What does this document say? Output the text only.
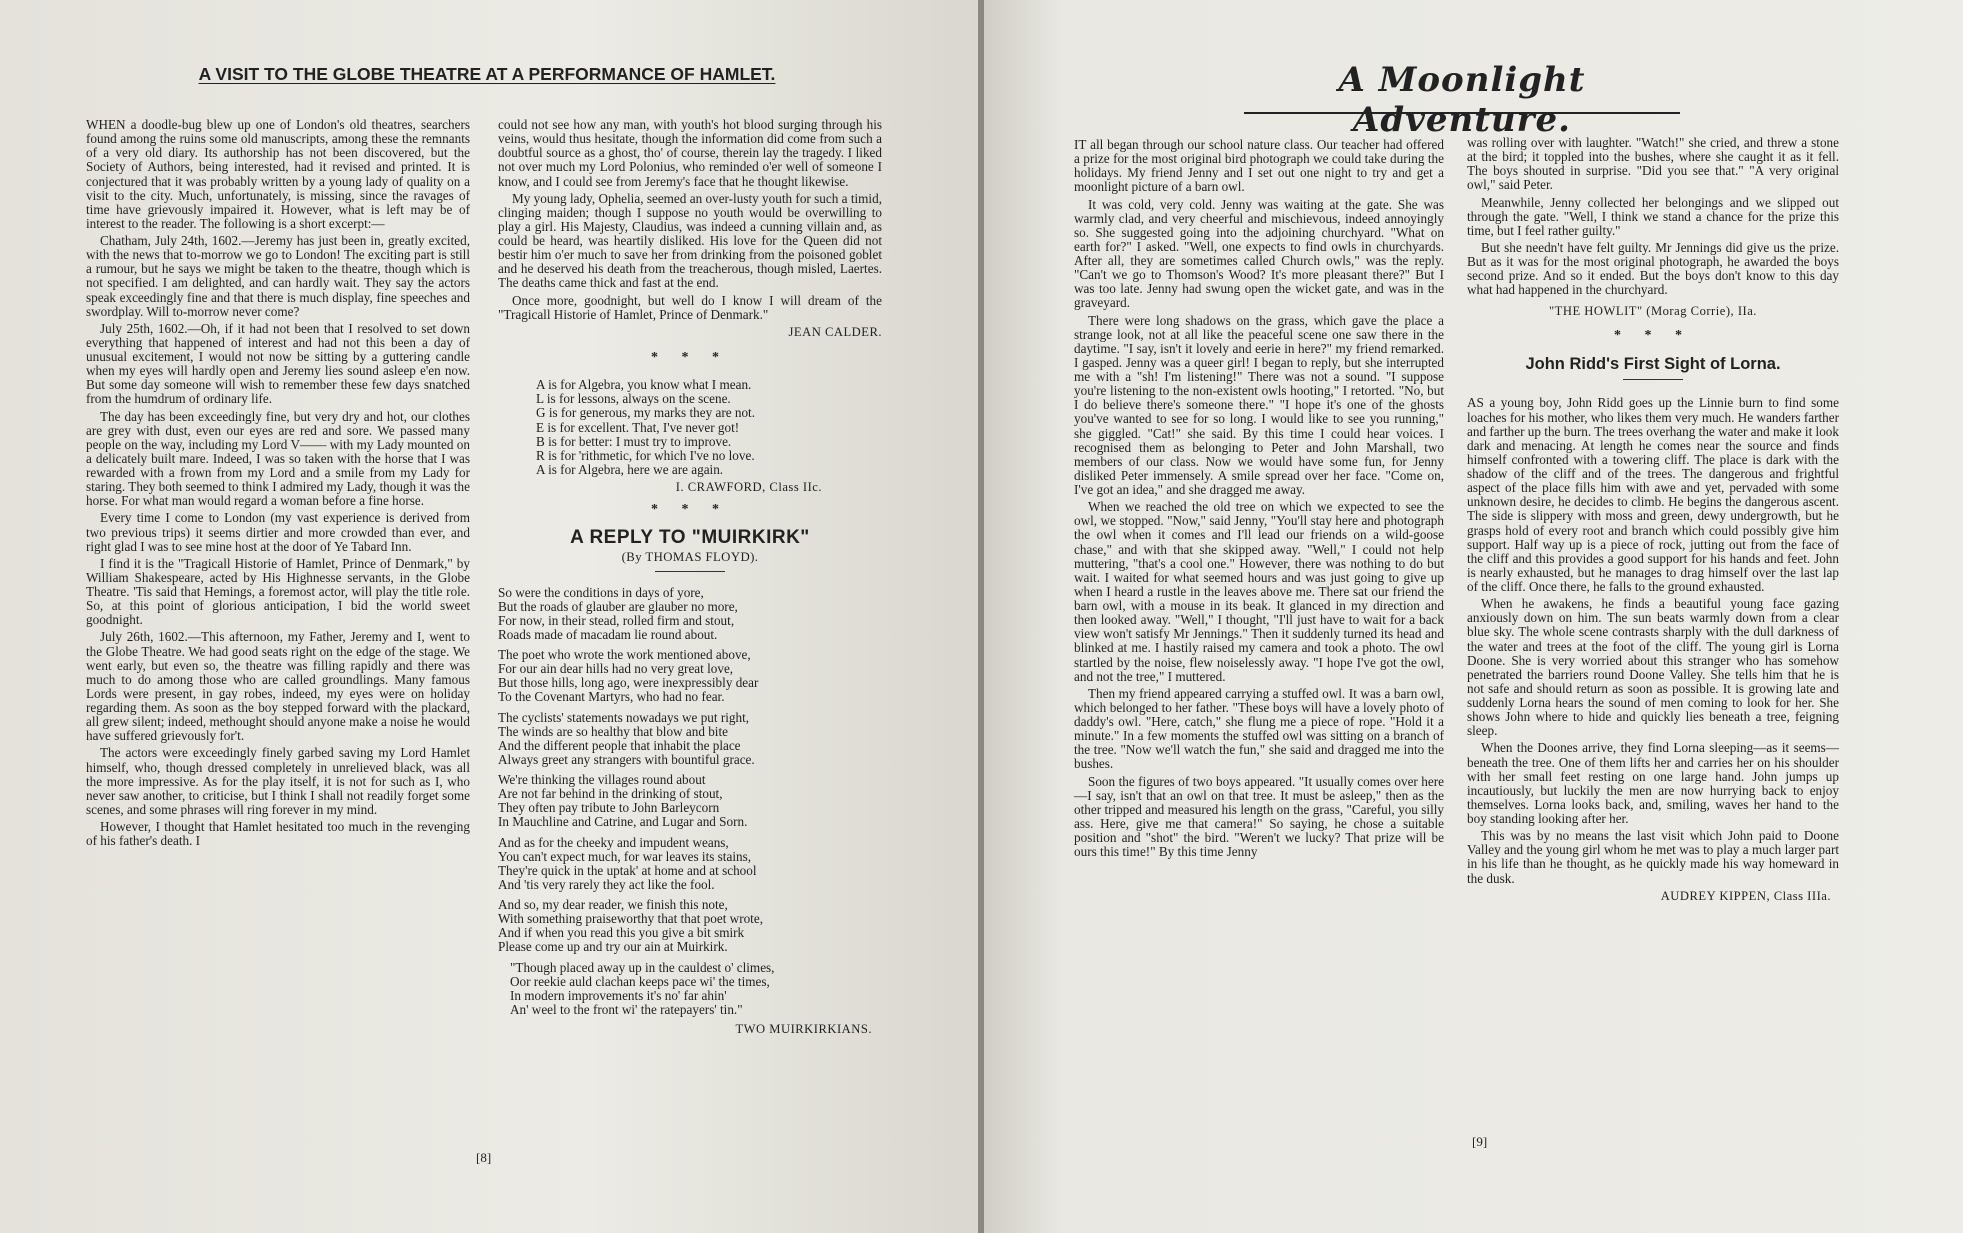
A VISIT TO THE GLOBE THEATRE AT A PERFORMANCE OF HAMLET.

WHEN a doodle-bug blew up one of London's old theatres, searchers found among the ruins some old manuscripts, among these the remnants of a very old diary. Its authorship has not been discovered, but the Society of Authors, being interested, had it revised and printed. It is conjectured that it was probably written by a young lady of quality on a visit to the city. Much, unfortunately, is missing, since the ravages of time have grievously impaired it. However, what is left may be of interest to the reader. The following is a short excerpt:—

Chatham, July 24th, 1602.—Jeremy has just been in, greatly excited, with the news that to-morrow we go to London! The exciting part is still a rumour, but he says we might be taken to the theatre, though which is not specified. I am delighted, and can hardly wait. They say the actors speak exceedingly fine and that there is much display, fine speeches and swordplay. Will to-morrow never come?

July 25th, 1602.—Oh, if it had not been that I resolved to set down everything that happened of interest and had not this been a day of unusual excitement, I would not now be sitting by a guttering candle when my eyes will hardly open and Jeremy lies sound asleep e'en now. But some day someone will wish to remember these few days snatched from the humdrum of ordinary life.

The day has been exceedingly fine, but very dry and hot, our clothes are grey with dust, even our eyes are red and sore. We passed many people on the way, including my Lord V—— with my Lady mounted on a delicately built mare. Indeed, I was so taken with the horse that I was rewarded with a frown from my Lord and a smile from my Lady for staring. They both seemed to think I admired my Lady, though it was the horse. For what man would regard a woman before a fine horse.

Every time I come to London (my vast experience is derived from two previous trips) it seems dirtier and more crowded than ever, and right glad I was to see mine host at the door of Ye Tabard Inn.

I find it is the "Tragicall Historie of Hamlet, Prince of Denmark," by William Shakespeare, acted by His Highnesse servants, in the Globe Theatre. 'Tis said that Hemings, a foremost actor, will play the title role. So, at this point of glorious anticipation, I bid the world sweet goodnight.

July 26th, 1602.—This afternoon, my Father, Jeremy and I, went to the Globe Theatre. We had good seats right on the edge of the stage. We went early, but even so, the theatre was filling rapidly and there was much to do among those who are called groundlings. Many famous Lords were present, in gay robes, indeed, my eyes were on holiday regarding them. As soon as the boy stepped forward with the plackard, all grew silent; indeed, methought should anyone make a noise he would have suffered grievously for't.

The actors were exceedingly finely garbed saving my Lord Hamlet himself, who, though dressed completely in unrelieved black, was all the more impressive. As for the play itself, it is not for such as I, who never saw another, to criticise, but I think I shall not readily forget some scenes, and some phrases will ring forever in my mind.

However, I thought that Hamlet hesitated too much in the revenging of his father's death. I

could not see how any man, with youth's hot blood surging through his veins, would thus hesitate, though the information did come from such a doubtful source as a ghost, tho' of course, therein lay the tragedy. I liked not over much my Lord Polonius, who reminded o'er well of someone I know, and I could see from Jeremy's face that he thought likewise.

My young lady, Ophelia, seemed an over-lusty youth for such a timid, clinging maiden; though I suppose no youth would be overwilling to play a girl. His Majesty, Claudius, was indeed a cunning villain and, as could be heard, was heartily disliked. His love for the Queen did not bestir him o'er much to save her from drinking from the poisoned goblet and he deserved his death from the treacherous, though misled, Laertes. The deaths came thick and fast at the end.

Once more, goodnight, but well do I know I will dream of the "Tragicall Historie of Hamlet, Prince of Denmark."

JEAN CALDER.
* * *

A is for Algebra, you know what I mean.

L is for lessons, always on the scene.

G is for generous, my marks they are not.

E is for excellent. That, I've never got!

B is for better: I must try to improve.

R is for 'rithmetic, for which I've no love.

A is for Algebra, here we are again.

I. CRAWFORD, Class IIc.
* * *
A REPLY TO "MUIRKIRK"
(By THOMAS FLOYD).

So were the conditions in days of yore,

But the roads of glauber are glauber no more,

For now, in their stead, rolled firm and stout,

Roads made of macadam lie round about.

The poet who wrote the work mentioned above,

For our ain dear hills had no very great love,

But those hills, long ago, were inexpressibly dear

To the Covenant Martyrs, who had no fear.

The cyclists' statements nowadays we put right,

The winds are so healthy that blow and bite

And the different people that inhabit the place

Always greet any strangers with bountiful grace.

We're thinking the villages round about

Are not far behind in the drinking of stout,

They often pay tribute to John Barleycorn

In Mauchline and Catrine, and Lugar and Sorn.

And as for the cheeky and impudent weans,

You can't expect much, for war leaves its stains,

They're quick in the uptak' at home and at school

And 'tis very rarely they act like the fool.

And so, my dear reader, we finish this note,

With something praiseworthy that that poet wrote,

And if when you read this you give a bit smirk

Please come up and try our ain at Muirkirk.

"Though placed away up in the cauldest o' climes,

Oor reekie auld clachan keeps pace wi' the times,

In modern improvements it's no' far ahin'

An' weel to the front wi' the ratepayers' tin."

TWO MUIRKIRKIANS.
[8]
A Moonlight Adventure.

IT all began through our school nature class. Our teacher had offered a prize for the most original bird photograph we could take during the holidays. My friend Jenny and I set out one night to try and get a moonlight picture of a barn owl.

It was cold, very cold. Jenny was waiting at the gate. She was warmly clad, and very cheerful and mischievous, indeed annoyingly so. She suggested going into the adjoining churchyard. "What on earth for?" I asked. "Well, one expects to find owls in churchyards. After all, they are sometimes called Church owls," was the reply. "Can't we go to Thomson's Wood? It's more pleasant there?" But I was too late. Jenny had swung open the wicket gate, and was in the graveyard.

There were long shadows on the grass, which gave the place a strange look, not at all like the peaceful scene one saw there in the daytime. "I say, isn't it lovely and eerie in here?" my friend remarked. I gasped. Jenny was a queer girl! I began to reply, but she interrupted me with a "sh! I'm listening!" There was not a sound. "I suppose you're listening to the non-existent owls hooting," I retorted. "No, but I do believe there's someone there." "I hope it's one of the ghosts you've wanted to see for so long. I would like to see you running," she giggled. "Cat!" she said. By this time I could hear voices. I recognised them as belonging to Peter and John Marshall, two members of our class. Now we would have some fun, for Jenny disliked Peter immensely. A smile spread over her face. "Come on, I've got an idea," and she dragged me away.

When we reached the old tree on which we expected to see the owl, we stopped. "Now," said Jenny, "You'll stay here and photograph the owl when it comes and I'll lead our friends on a wild-goose chase," and with that she skipped away. "Well," I could not help muttering, "that's a cool one." However, there was nothing to do but wait. I waited for what seemed hours and was just going to give up when I heard a rustle in the leaves above me. There sat our friend the barn owl, with a mouse in its beak. It glanced in my direction and then looked away. "Well," I thought, "I'll just have to wait for a back view won't satisfy Mr Jennings." Then it suddenly turned its head and blinked at me. I hastily raised my camera and took a photo. The owl startled by the noise, flew noiselessly away. "I hope I've got the owl, and not the tree," I muttered.

Then my friend appeared carrying a stuffed owl. It was a barn owl, which belonged to her father. "These boys will have a lovely photo of daddy's owl. "Here, catch," she flung me a piece of rope. "Hold it a minute." In a few moments the stuffed owl was sitting on a branch of the tree. "Now we'll watch the fun," she said and dragged me into the bushes.

Soon the figures of two boys appeared. "It usually comes over here—I say, isn't that an owl on that tree. It must be asleep," then as the other tripped and measured his length on the grass, "Careful, you silly ass. Here, give me that camera!" So saying, he chose a suitable position and "shot" the bird. "Weren't we lucky? That prize will be ours this time!" By this time Jenny

was rolling over with laughter. "Watch!" she cried, and threw a stone at the bird; it toppled into the bushes, where she caught it as it fell. The boys shouted in surprise. "Did you see that." "A very original owl," said Peter.

Meanwhile, Jenny collected her belongings and we slipped out through the gate. "Well, I think we stand a chance for the prize this time, but I feel rather guilty."

But she needn't have felt guilty. Mr Jennings did give us the prize. But as it was for the most original photograph, he awarded the boys second prize. And so it ended. But the boys don't know to this day what had happened in the churchyard.

"THE HOWLIT" (Morag Corrie), IIa.
* * *
John Ridd's First Sight of Lorna.

AS a young boy, John Ridd goes up the Linnie burn to find some loaches for his mother, who likes them very much. He wanders farther and farther up the burn. The trees overhang the water and make it look dark and menacing. At length he comes near the source and finds himself confronted with a towering cliff. The place is dark with the shadow of the cliff and of the trees. The dangerous and frightful aspect of the place fills him with awe and yet, pervaded with some unknown desire, he decides to climb. He begins the dangerous ascent. The side is slippery with moss and green, dewy undergrowth, but he grasps hold of every root and branch which could possibly give him support. Half way up is a piece of rock, jutting out from the face of the cliff and this provides a good support for his hands and feet. John is nearly exhausted, but he manages to drag himself over the last lap of the cliff. Once there, he falls to the ground exhausted.

When he awakens, he finds a beautiful young face gazing anxiously down on him. The sun beats warmly down from a clear blue sky. The whole scene contrasts sharply with the dull darkness of the water and trees at the foot of the cliff. The young girl is Lorna Doone. She is very worried about this stranger who has somehow penetrated the barriers round Doone Valley. She tells him that he is not safe and should return as soon as possible. It is growing late and suddenly Lorna hears the sound of men coming to look for her. She shows John where to hide and quickly lies beneath a tree, feigning sleep.

When the Doones arrive, they find Lorna sleeping—as it seems—beneath the tree. One of them lifts her and carries her on his shoulder with her small feet resting on one large hand. John jumps up incautiously, but luckily the men are now hurrying back to enjoy themselves. Lorna looks back, and, smiling, waves her hand to the boy standing looking after her.

This was by no means the last visit which John paid to Doone Valley and the young girl whom he met was to play a much larger part in his life than he thought, as he quickly made his way homeward in the dusk.

AUDREY KIPPEN, Class IIIa.
[9]
